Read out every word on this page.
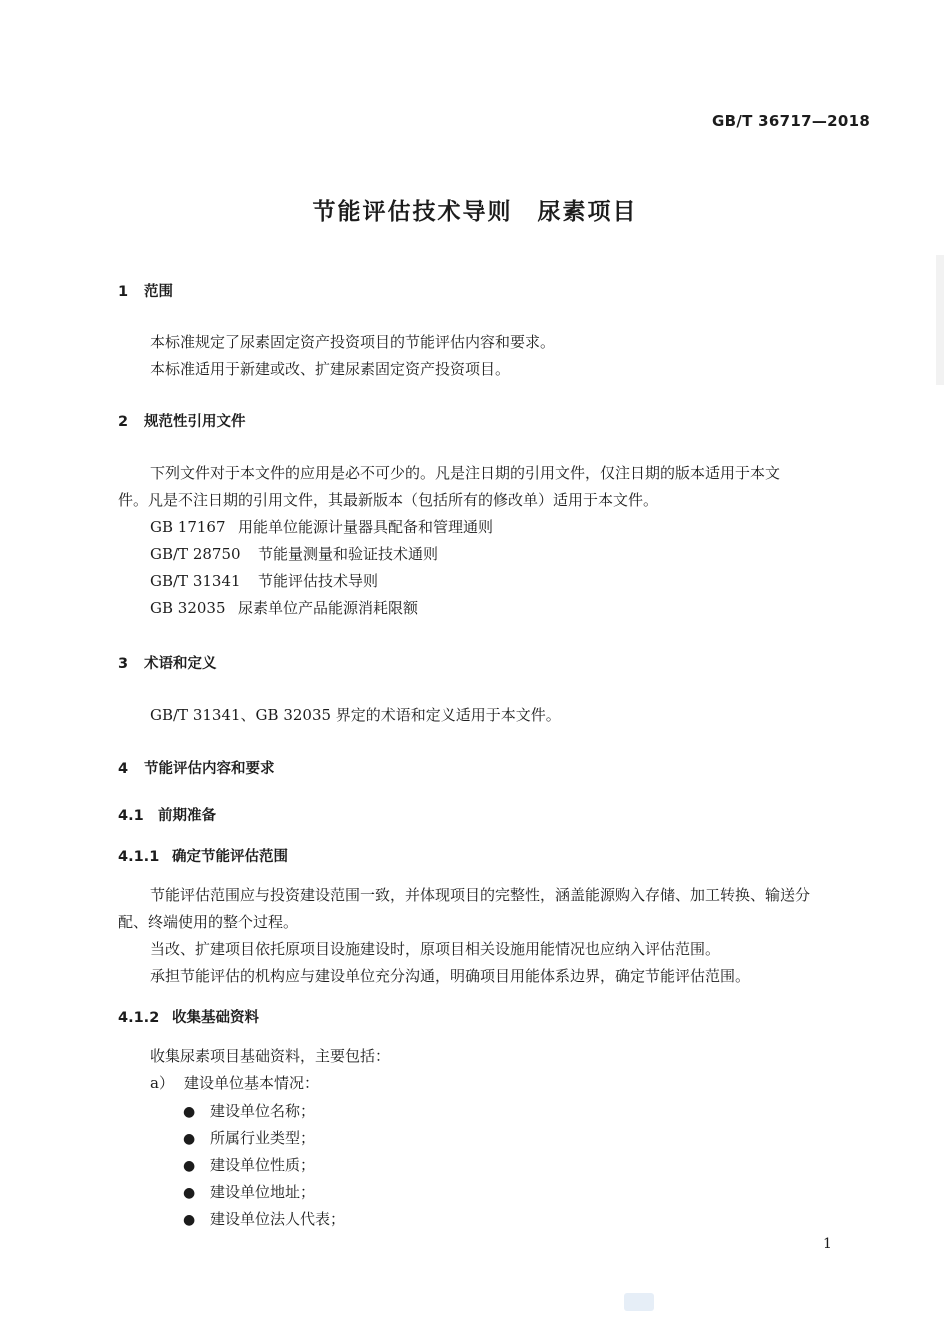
GB/T 36717—2018
节能评估技术导则　尿素项目
1 范围
本标准规定了尿素固定资产投资项目的节能评估内容和要求。
本标准适用于新建或改、扩建尿素固定资产投资项目。
2 规范性引用文件
下列文件对于本文件的应用是必不可少的。凡是注日期的引用文件，仅注日期的版本适用于本文
件。凡是不注日期的引用文件，其最新版本（包括所有的修改单）适用于本文件。
GB 17167 用能单位能源计量器具配备和管理通则
GB/T 28750 节能量测量和验证技术通则
GB/T 31341 节能评估技术导则
GB 32035 尿素单位产品能源消耗限额
3 术语和定义
GB/T 31341、GB 32035 界定的术语和定义适用于本文件。
4 节能评估内容和要求
4.1 前期准备
4.1.1 确定节能评估范围
节能评估范围应与投资建设范围一致，并体现项目的完整性，涵盖能源购入存储、加工转换、输送分
配、终端使用的整个过程。
当改、扩建项目依托原项目设施建设时，原项目相关设施用能情况也应纳入评估范围。
承担节能评估的机构应与建设单位充分沟通，明确项目用能体系边界，确定节能评估范围。
4.1.2 收集基础资料
收集尿素项目基础资料，主要包括：
a） 建设单位基本情况：
● 建设单位名称；
● 所属行业类型；
● 建设单位性质；
● 建设单位地址；
● 建设单位法人代表；
1
